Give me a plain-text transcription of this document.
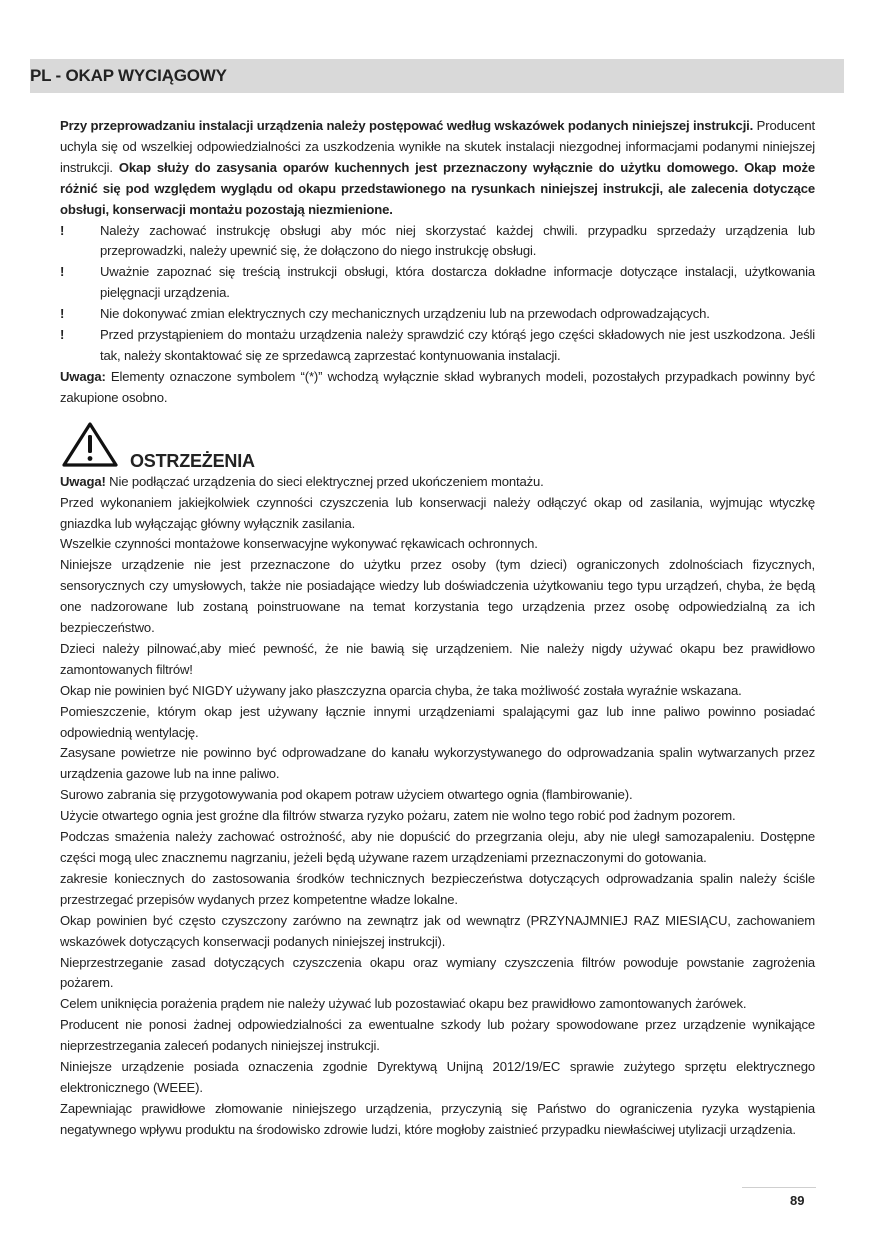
PL - OKAP WYCIĄGOWY

Przy przeprowadzaniu instalacji urządzenia należy postępować według wskazówek podanych niniejszej instrukcji. Producent uchyla się od wszelkiej odpowiedzialności za uszkodzenia wynikłe na skutek instalacji niezgodnej informacjami podanymi niniejszej instrukcji. Okap służy do zasysania oparów kuchennych jest przeznaczony wyłącznie do użytku domowego. Okap może różnić się pod względem wyglądu od okapu przedstawionego na rysunkach niniejszej instrukcji, ale zalecenia dotyczące obsługi, konserwacji montażu pozostają niezmienione.

!	Należy zachować instrukcję obsługi aby móc niej skorzystać każdej chwili. przypadku sprzedaży urządzenia lub przeprowadzki, należy upewnić się, że dołączono do niego instrukcję obsługi.
!	Uważnie zapoznać się treścią instrukcji obsługi, która dostarcza dokładne informacje dotyczące instalacji, użytkowania pielęgnacji urządzenia.
!	Nie dokonywać zmian elektrycznych czy mechanicznych urządzeniu lub na przewodach odprowadzających.
!	Przed przystąpieniem do montażu urządzenia należy sprawdzić czy którąś jego części składowych nie jest uszkodzona. Jeśli tak, należy skontaktować się ze sprzedawcą zaprzestać kontynuowania instalacji.

Uwaga: Elementy oznaczone symbolem “(*)” wchodzą wyłącznie skład wybranych modeli, pozostałych przypadkach powinny być zakupione osobno.

OSTRZEŻENIA

Uwaga! Nie podłączać urządzenia do sieci elektrycznej przed ukończeniem montażu.

Przed wykonaniem jakiejkolwiek czynności czyszczenia lub konserwacji należy odłączyć okap od zasilania, wyjmując wtyczkę gniazdka lub wyłączając główny wyłącznik zasilania.

Wszelkie czynności montażowe konserwacyjne wykonywać rękawicach ochronnych.

Niniejsze urządzenie nie jest przeznaczone do użytku przez osoby (tym dzieci) ograniczonych zdolnościach fizycznych, sensorycznych czy umysłowych, także nie posiadające wiedzy lub doświadczenia użytkowaniu tego typu urządzeń, chyba, że będą one nadzorowane lub zostaną poinstruowane na temat korzystania tego urządzenia przez osobę odpowiedzialną za ich bezpieczeństwo.

Dzieci należy pilnować,aby mieć pewność, że nie bawią się urządzeniem. Nie należy nigdy używać okapu bez prawidłowo zamontowanych filtrów!

Okap nie powinien być NIGDY używany jako płaszczyzna oparcia chyba, że taka możliwość została wyraźnie wskazana.

Pomieszczenie, którym okap jest używany łącznie innymi urządzeniami spalającymi gaz lub inne paliwo powinno posiadać odpowiednią wentylację.

Zasysane powietrze nie powinno być odprowadzane do kanału wykorzystywanego do odprowadzania spalin wytwarzanych przez urządzenia gazowe lub na inne paliwo.

Surowo zabrania się przygotowywania pod okapem potraw użyciem otwartego ognia (flambirowanie).

Użycie otwartego ognia jest groźne dla filtrów stwarza ryzyko pożaru, zatem nie wolno tego robić pod żadnym pozorem.

Podczas smażenia należy zachować ostrożność, aby nie dopuścić do przegrzania oleju, aby nie uległ samozapaleniu. Dostępne części mogą ulec znacznemu nagrzaniu, jeżeli będą używane razem urządzeniami przeznaczonymi do gotowania.

zakresie koniecznych do zastosowania środków technicznych bezpieczeństwa dotyczących odprowadzania spalin należy ściśle przestrzegać przepisów wydanych przez kompetentne władze lokalne.

Okap powinien być często czyszczony zarówno na zewnątrz jak od wewnątrz (PRZYNAJMNIEJ RAZ MIESIĄCU, zachowaniem wskazówek dotyczących konserwacji podanych niniejszej instrukcji).

Nieprzestrzeganie zasad dotyczących czyszczenia okapu oraz wymiany czyszczenia filtrów powoduje powstanie zagrożenia pożarem.

Celem uniknięcia porażenia prądem nie należy używać lub pozostawiać okapu bez prawidłowo zamontowanych żarówek.

Producent nie ponosi żadnej odpowiedzialności za ewentualne szkody lub pożary spowodowane przez urządzenie wynikające nieprzestrzegania zaleceń podanych niniejszej instrukcji.

Niniejsze urządzenie posiada oznaczenia zgodnie Dyrektywą Unijną 2012/19/EC sprawie zużytego sprzętu elektrycznego elektronicznego (WEEE).

Zapewniając prawidłowe złomowanie niniejszego urządzenia, przyczynią się Państwo do ograniczenia ryzyka wystąpienia negatywnego wpływu produktu na środowisko zdrowie ludzi, które mogłoby zaistnieć przypadku niewłaściwej utylizacji urządzenia.

89
